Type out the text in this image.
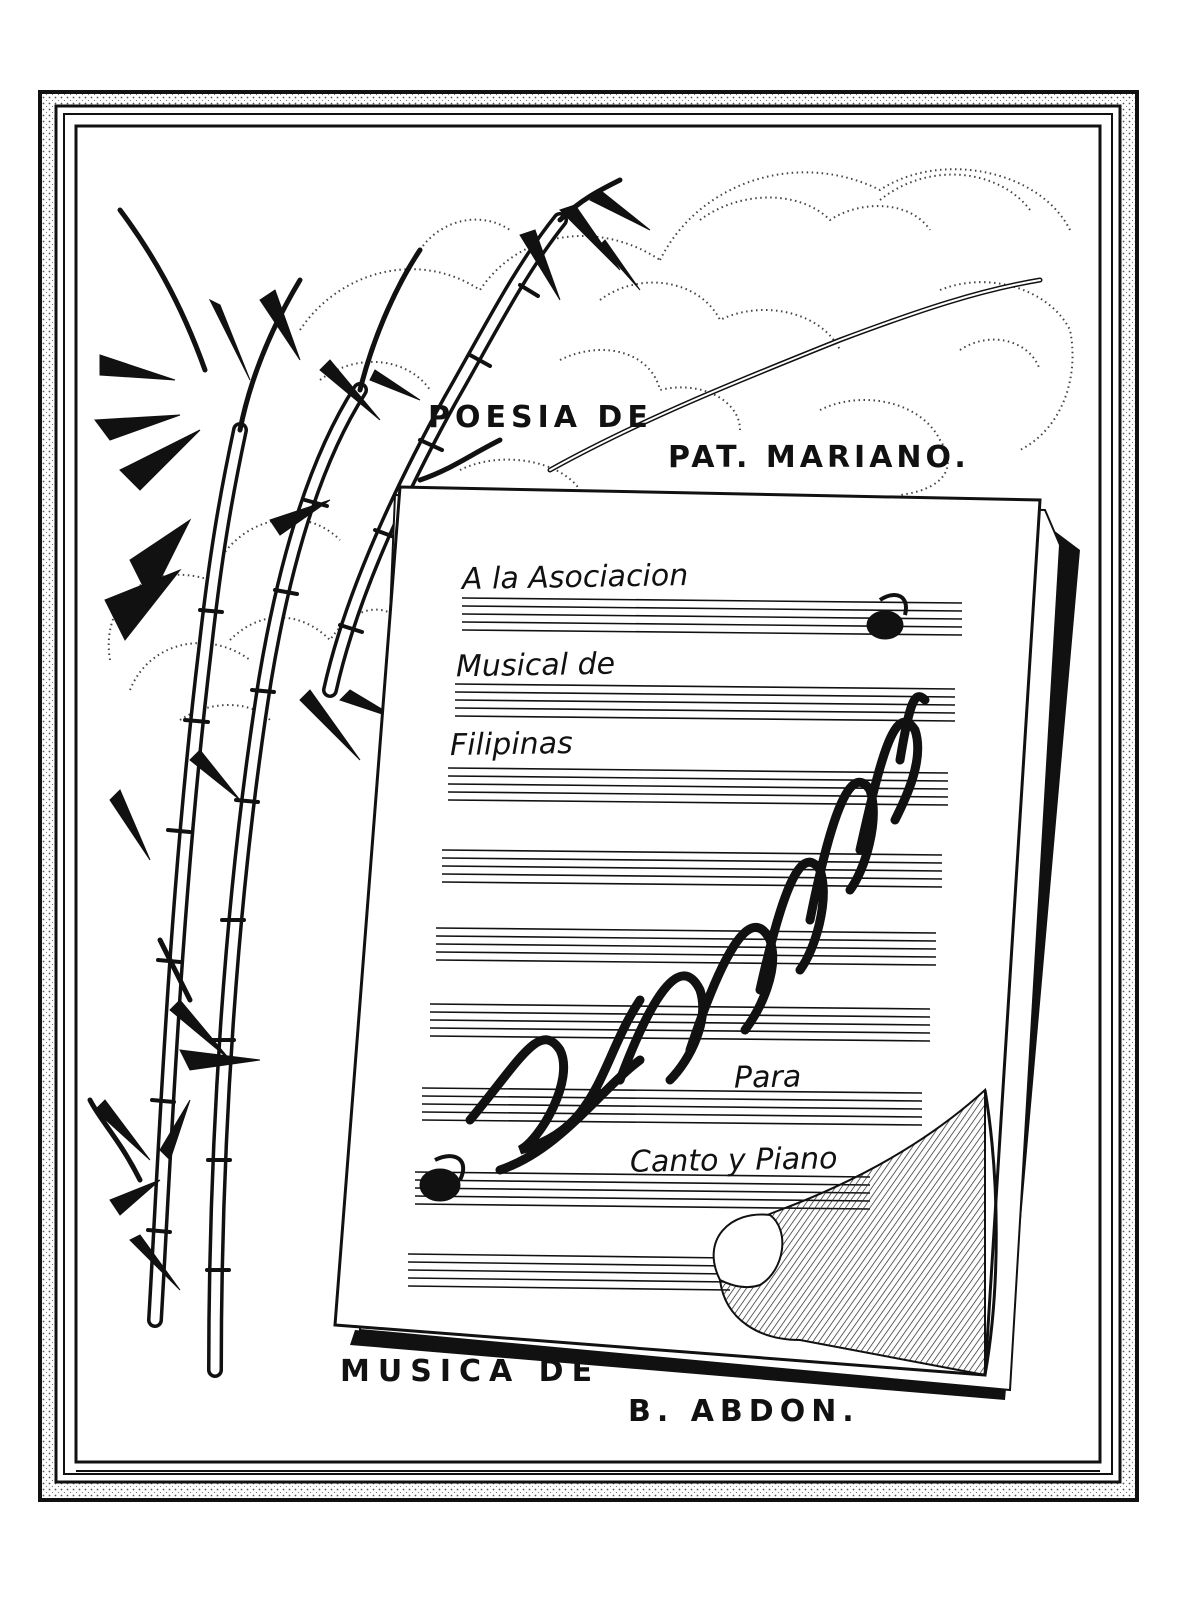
POESIA DE

PAT. MARIANO.

A la Asociacion

Musical de

Filipinas

Para

Canto y Piano

MUSICA DE

B. ABDON.
